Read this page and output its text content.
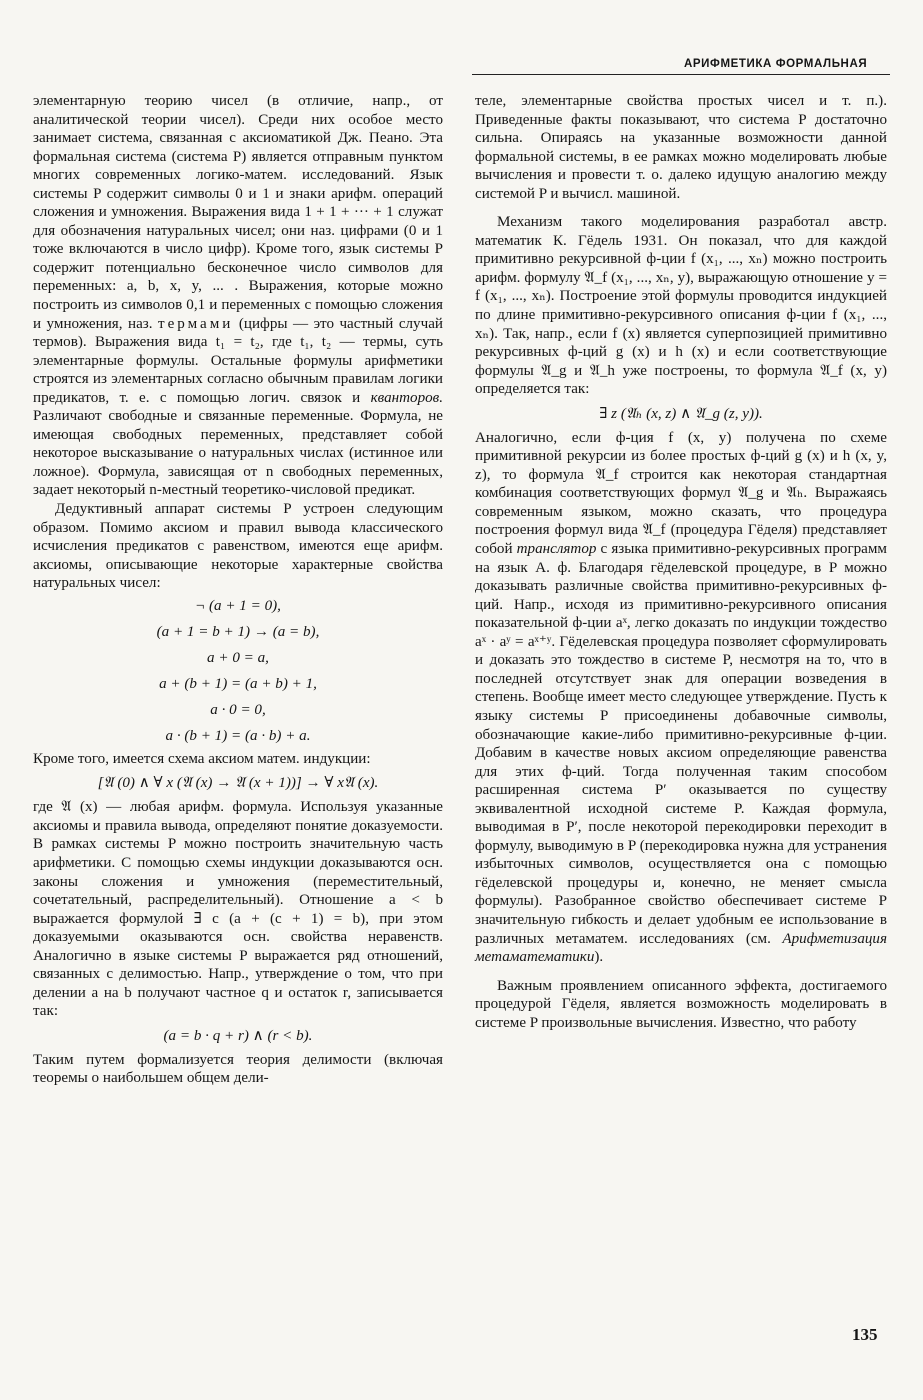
АРИФМЕТИКА ФОРМАЛЬНАЯ

элементарную теорию чисел (в отличие, напр., от аналитической теории чисел). Среди них особое место занимает система, связанная с аксиоматикой Дж. Пеано. Эта формальная система (система P) является отправным пунктом многих современных логико-матем. исследований. Язык системы P содержит символы 0 и 1 и знаки арифм. операций сложения и умножения. Выражения вида 1 + 1 + ··· + 1 служат для обозначения натуральных чисел; они наз. цифрами (0 и 1 тоже включаются в число цифр). Кроме того, язык системы P содержит потенциально бесконечное число символов для переменных: a, b, x, y, ... . Выражения, которые можно построить из символов 0,1 и переменных с помощью сложения и умножения, наз. термами (цифры — это частный случай термов). Выражения вида t₁ = t₂, где t₁, t₂ — термы, суть элементарные формулы. Остальные формулы арифметики строятся из элементарных согласно обычным правилам логики предикатов, т. е. с помощью логич. связок и кванторов. Различают свободные и связанные переменные. Формула, не имеющая свободных переменных, представляет собой некоторое высказывание о натуральных числах (истинное или ложное). Формула, зависящая от n свободных переменных, задает некоторый n-местный теоретико-числовой предикат.

Дедуктивный аппарат системы P устроен следующим образом. Помимо аксиом и правил вывода классического исчисления предикатов с равенством, имеются еще арифм. аксиомы, описывающие некоторые характерные свойства натуральных чисел:

¬ (a + 1 = 0),
(a + 1 = b + 1) → (a = b),
a + 0 = a,
a + (b + 1) = (a + b) + 1,
a · 0 = 0,
a · (b + 1) = (a · b) + a.

Кроме того, имеется схема аксиом матем. индукции:

[𝔄 (0) ∧ ∀ x (𝔄 (x) → 𝔄 (x + 1))] → ∀ x𝔄 (x).

где 𝔄 (x) — любая арифм. формула. Используя указанные аксиомы и правила вывода, определяют понятие доказуемости. В рамках системы P можно построить значительную часть арифметики. С помощью схемы индукции доказываются осн. законы сложения и умножения (переместительный, сочетательный, распределительный). Отношение a < b выражается формулой ∃ c (a + (c + 1) = b), при этом доказуемыми оказываются осн. свойства неравенств. Аналогично в языке системы P выражается ряд отношений, связанных с делимостью. Напр., утверждение о том, что при делении a на b получают частное q и остаток r, записывается так:

(a = b · q + r) ∧ (r < b).

Таким путем формализуется теория делимости (включая теоремы о наибольшем общем дели-

теле, элементарные свойства простых чисел и т. п.). Приведенные факты показывают, что система P достаточно сильна. Опираясь на указанные возможности данной формальной системы, в ее рамках можно моделировать любые вычисления и провести т. о. далеко идущую аналогию между системой P и вычисл. машиной.

Механизм такого моделирования разработал австр. математик К. Гёдель 1931. Он показал, что для каждой примитивно рекурсивной ф-ции f (x₁, ..., xₙ) можно построить арифм. формулу 𝔄_f (x₁, ..., xₙ, y), выражающую отношение y = f (x₁, ..., xₙ). Построение этой формулы проводится индукцией по длине примитивно-рекурсивного описания ф-ции f (x₁, ..., xₙ). Так, напр., если f (x) является суперпозицией примитивно рекурсивных ф-ций g (x) и h (x) и если соответствующие формулы 𝔄_g и 𝔄_h уже построены, то формула 𝔄_f (x, y) определяется так:

∃ z (𝔄ₕ (x, z) ∧ 𝔄_g (z, y)).

Аналогично, если ф-ция f (x, y) получена по схеме примитивной рекурсии из более простых ф-ций g (x) и h (x, y, z), то формула 𝔄_f строится как некоторая стандартная комбинация соответствующих формул 𝔄_g и 𝔄ₕ. Выражаясь современным языком, можно сказать, что процедура построения формул вида 𝔄_f (процедура Гёделя) представляет собой транслятор с языка примитивно-рекурсивных программ на язык А. ф. Благодаря гёделевской процедуре, в P можно доказывать различные свойства примитивно-рекурсивных ф-ций. Напр., исходя из примитивно-рекурсивного описания показательной ф-ции aˣ, легко доказать по индукции тождество aˣ · aʸ = aˣ⁺ʸ. Гёделевская процедура позволяет сформулировать и доказать это тождество в системе P, несмотря на то, что в последней отсутствует знак для операции возведения в степень. Вообще имеет место следующее утверждение. Пусть к языку системы P присоединены добавочные символы, обозначающие какие-либо примитивно-рекурсивные ф-ции. Добавим в качестве новых аксиом определяющие равенства для этих ф-ций. Тогда полученная таким способом расширенная система P′ оказывается по существу эквивалентной исходной системе P. Каждая формула, выводимая в P′, после некоторой перекодировки переходит в формулу, выводимую в P (перекодировка нужна для устранения избыточных символов, осуществляется она с помощью гёделевской процедуры и, конечно, не меняет смысла формулы). Разобранное свойство обеспечивает системе P значительную гибкость и делает удобным ее использование в различных метаматем. исследованиях (см. Арифметизация метаматематики).

Важным проявлением описанного эффекта, достигаемого процедурой Гёделя, является возможность моделировать в системе P произвольные вычисления. Известно, что работу

135
